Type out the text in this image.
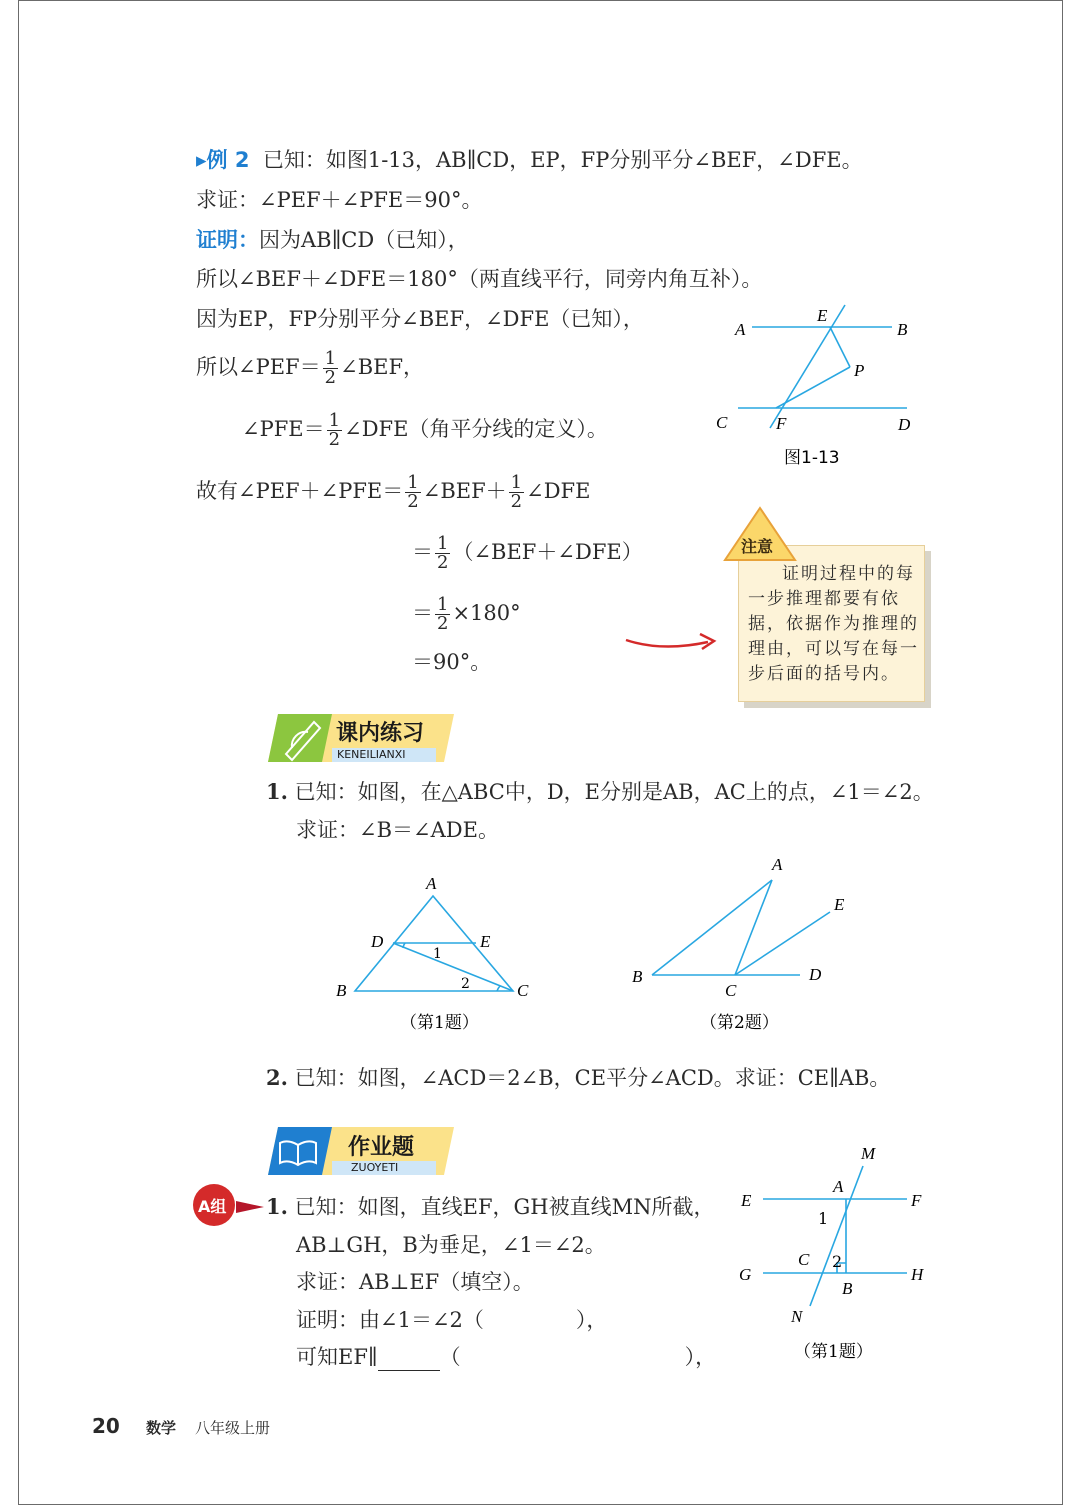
▸例 2 已知：如图1-13，AB∥CD，EP，FP分别平分∠BEF，∠DFE。
求证：∠PEF＋∠PFE＝90°。
证明：因为AB∥CD（已知），
所以∠BEF＋∠DFE＝180°（两直线平行，同旁内角互补）。
因为EP，FP分别平分∠BEF，∠DFE（已知），
所以∠PEF＝ $\frac{1}{2}$ ∠BEF，
∠PFE＝ $\frac{1}{2}$ ∠DFE（角平分线的定义）。
故有∠PEF＋∠PFE＝ $\frac{1}{2}$ ∠BEF＋ $\frac{1}{2}$ ∠DFE
＝ $\frac{1}{2}$ （∠BEF＋∠DFE）
＝ $\frac{1}{2} \times 180^\circ$
＝90°。
A	B
E
P
C	F	D
图1-13
注意
证明过程中的每一步推理都要有依据，依据作为推理的理由，可以写在每一步后面的括号内。
课内练习
KENEILIANXI
1. 已知：如图，在△ABC中，D，E分别是AB，AC上的点，∠1＝∠2。
求证：∠B＝∠ADE。
A
D	E
B	C
1
2
（第1题）
A
E
B
C
D
（第2题）
2. 已知：如图，∠ACD＝2∠B，CE平分∠ACD。求证：CE∥AB。
作业题
ZUOYETI
A组 1. 已知：如图，直线EF，GH被直线MN所截，
AB⊥GH，B为垂足，∠1＝∠2。
求证：AB⊥EF（填空）。
证明：由∠1＝∠2（	），
可知EF∥	（	），
M
A
E	F
1
C 2
G	H
B
N
（第1题）
20 数学 八年级上册
